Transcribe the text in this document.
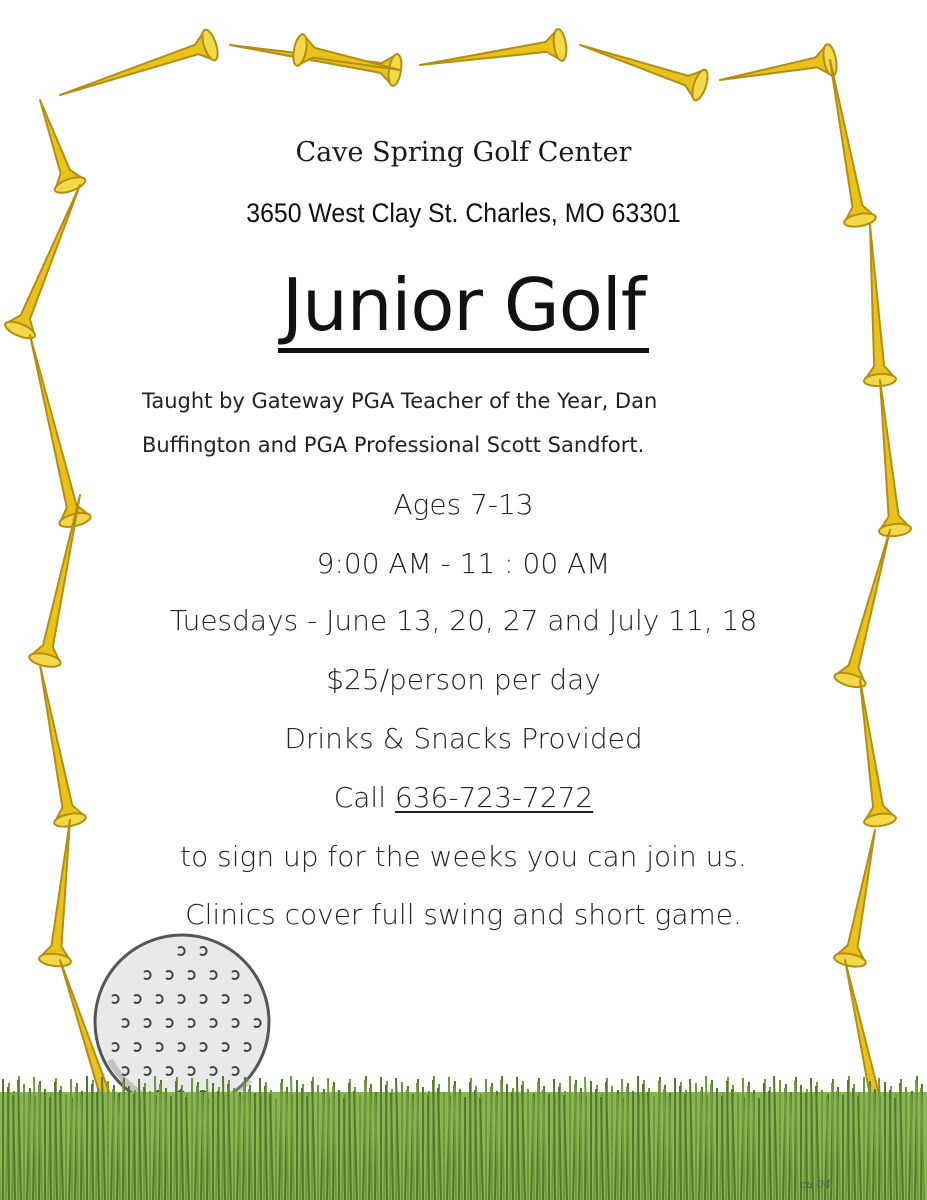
Cave Spring Golf Center
3650 West Clay St. Charles, MO 63301
Junior Golf
Taught by Gateway PGA Teacher of the Year, Dan
Buffington and PGA Professional Scott Sandfort.
Ages 7-13
9:00 AM - 11 : 00 AM
Tuesdays - June 13, 20, 27 and July 11, 18
$25/person per day
Drinks & Snacks Provided
Call 636-723-7272
to sign up for the weeks you can join us.
Clinics cover full swing and short game.
cu 04
